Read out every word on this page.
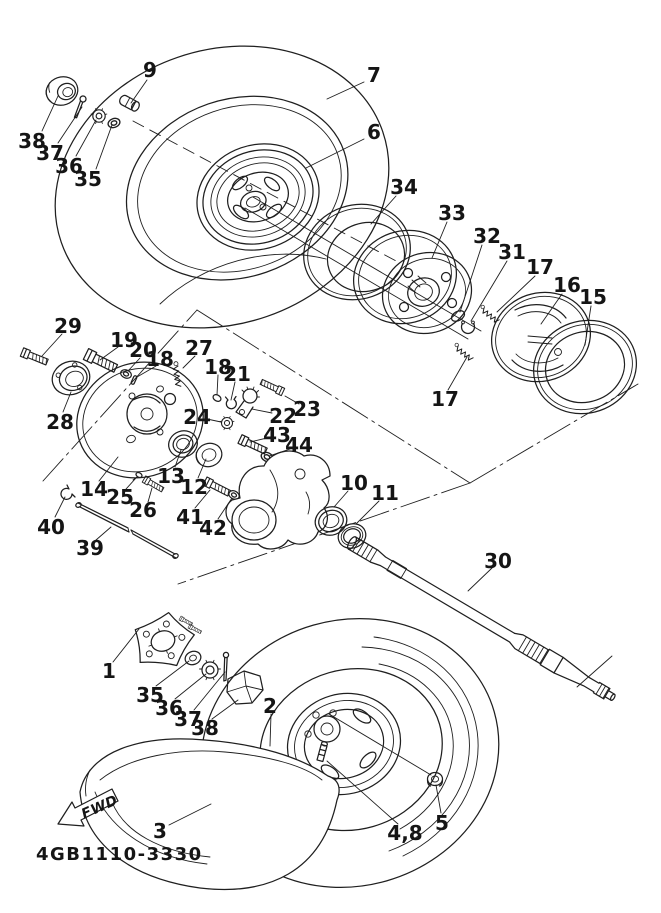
FWD
4GB1110-3330
9	7
6
38
37
36
35	34
33
32
31
17
16
15
17
29
19
20
18 27
18
21
24	22
23
43
44
28
14
25
26
13
12
41
42
40
39
10 11
30
1
35
36
37
38
2
3	4,8 5
